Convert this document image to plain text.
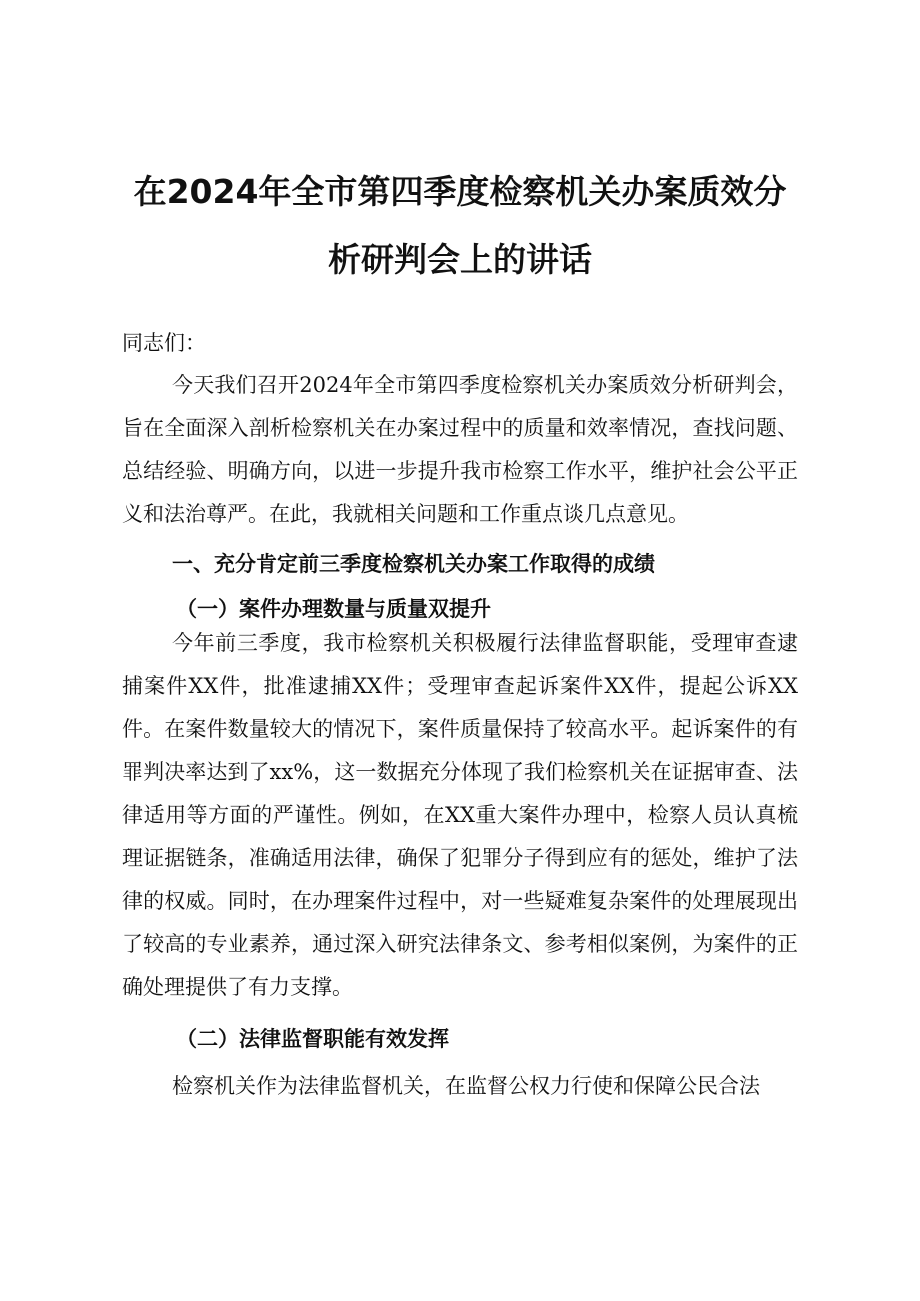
在2024年全市第四季度检察机关办案质效分
析研判会上的讲话
同志们：
今天我们召开2024年全市第四季度检察机关办案质效分析研判会，旨在全面深入剖析检察机关在办案过程中的质量和效率情况，查找问题、总结经验、明确方向，以进一步提升我市检察工作水平，维护社会公平正义和法治尊严。在此，我就相关问题和工作重点谈几点意见。
一、充分肯定前三季度检察机关办案工作取得的成绩
（一）案件办理数量与质量双提升
今年前三季度，我市检察机关积极履行法律监督职能，受理审查逮捕案件XX件，批准逮捕XX件；受理审查起诉案件XX件，提起公诉XX件。在案件数量较大的情况下，案件质量保持了较高水平。起诉案件的有罪判决率达到了xx%，这一数据充分体现了我们检察机关在证据审查、法律适用等方面的严谨性。例如，在XX重大案件办理中，检察人员认真梳理证据链条，准确适用法律，确保了犯罪分子得到应有的惩处，维护了法律的权威。同时，在办理案件过程中，对一些疑难复杂案件的处理展现出了较高的专业素养，通过深入研究法律条文、参考相似案例，为案件的正确处理提供了有力支撑。
（二）法律监督职能有效发挥
检察机关作为法律监督机关，在监督公权力行使和保障公民合法
